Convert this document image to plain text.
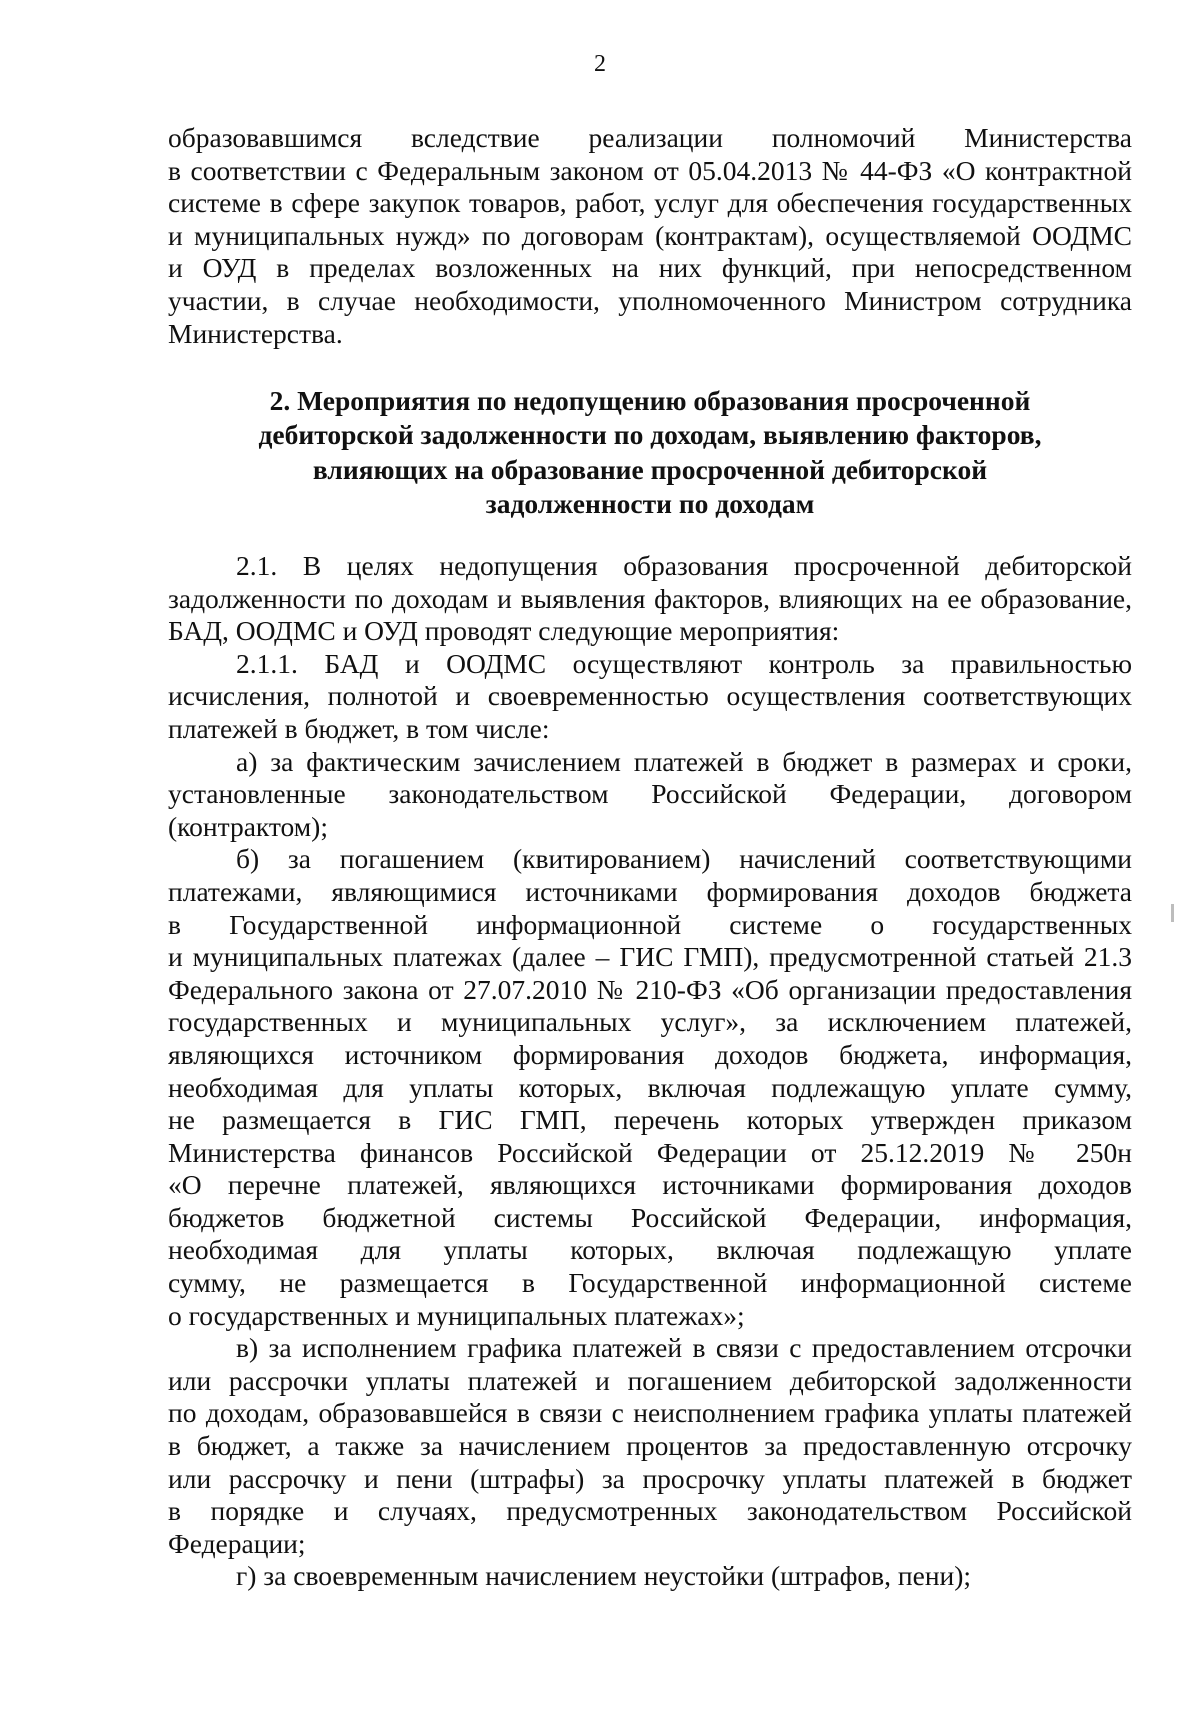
2
образовавшимся вследствие реализации полномочий Министерства
в соответствии с Федеральным законом от 05.04.2013 № 44-ФЗ «О контрактной
системе в сфере закупок товаров, работ, услуг для обеспечения государственных
и муниципальных нужд» по договорам (контрактам), осуществляемой ООДМС
и ОУД в пределах возложенных на них функций, при непосредственном
участии, в случае необходимости, уполномоченного Министром сотрудника
Министерства.
2. Мероприятия по недопущению образования просроченной
дебиторской задолженности по доходам, выявлению факторов,
влияющих на образование просроченной дебиторской
задолженности по доходам
2.1. В целях недопущения образования просроченной дебиторской
задолженности по доходам и выявления факторов, влияющих на ее образование,
БАД, ООДМС и ОУД проводят следующие мероприятия:
2.1.1. БАД и ООДМС осуществляют контроль за правильностью
исчисления, полнотой и своевременностью осуществления соответствующих
платежей в бюджет, в том числе:
а) за фактическим зачислением платежей в бюджет в размерах и сроки,
установленные законодательством Российской Федерации, договором
(контрактом);
б) за погашением (квитированием) начислений соответствующими
платежами, являющимися источниками формирования доходов бюджета
в Государственной информационной системе о государственных
и муниципальных платежах (далее – ГИС ГМП), предусмотренной статьей 21.3
Федерального закона от 27.07.2010 № 210-ФЗ «Об организации предоставления
государственных и муниципальных услуг», за исключением платежей,
являющихся источником формирования доходов бюджета, информация,
необходимая для уплаты которых, включая подлежащую уплате сумму,
не размещается в ГИС ГМП, перечень которых утвержден приказом
Министерства финансов Российской Федерации от 25.12.2019 № 250н
«О перечне платежей, являющихся источниками формирования доходов
бюджетов бюджетной системы Российской Федерации, информация,
необходимая для уплаты которых, включая подлежащую уплате
сумму, не размещается в Государственной информационной системе
о государственных и муниципальных платежах»;
в) за исполнением графика платежей в связи с предоставлением отсрочки
или рассрочки уплаты платежей и погашением дебиторской задолженности
по доходам, образовавшейся в связи с неисполнением графика уплаты платежей
в бюджет, а также за начислением процентов за предоставленную отсрочку
или рассрочку и пени (штрафы) за просрочку уплаты платежей в бюджет
в порядке и случаях, предусмотренных законодательством Российской
Федерации;
г) за своевременным начислением неустойки (штрафов, пени);
